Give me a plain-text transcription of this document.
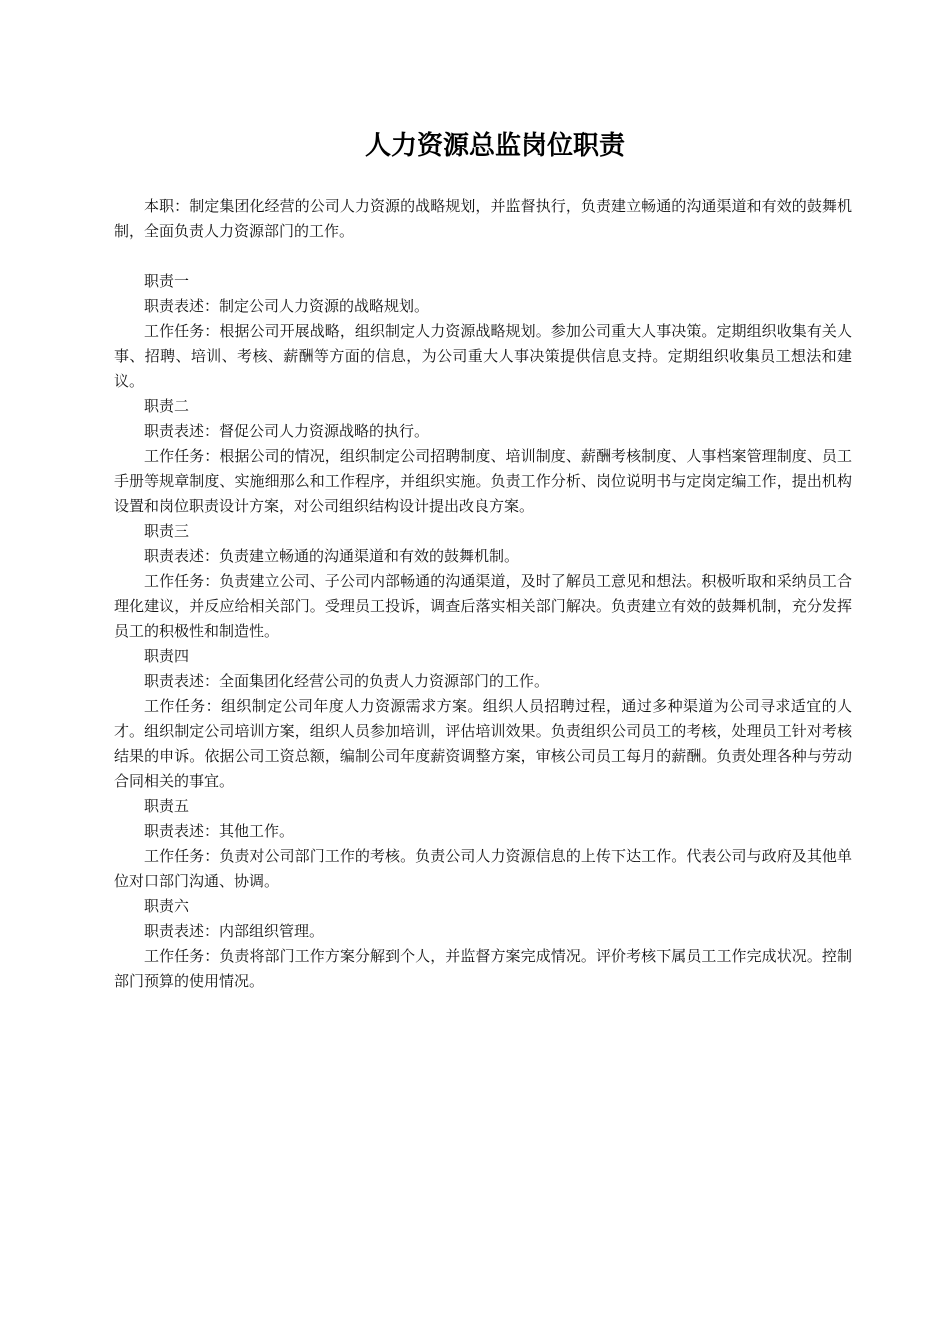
人力资源总监岗位职责

本职：制定集团化经营的公司人力资源的战略规划，并监督执行，负责建立畅通的沟通渠道和有效的鼓舞机制，全面负责人力资源部门的工作。

职责一

职责表述：制定公司人力资源的战略规划。

工作任务：根据公司开展战略，组织制定人力资源战略规划。参加公司重大人事决策。定期组织收集有关人事、招聘、培训、考核、薪酬等方面的信息，为公司重大人事决策提供信息支持。定期组织收集员工想法和建议。

职责二

职责表述：督促公司人力资源战略的执行。

工作任务：根据公司的情况，组织制定公司招聘制度、培训制度、薪酬考核制度、人事档案管理制度、员工手册等规章制度、实施细那么和工作程序，并组织实施。负责工作分析、岗位说明书与定岗定编工作，提出机构设置和岗位职责设计方案，对公司组织结构设计提出改良方案。

职责三

职责表述：负责建立畅通的沟通渠道和有效的鼓舞机制。

工作任务：负责建立公司、子公司内部畅通的沟通渠道，及时了解员工意见和想法。积极听取和采纳员工合理化建议，并反应给相关部门。受理员工投诉，调查后落实相关部门解决。负责建立有效的鼓舞机制，充分发挥员工的积极性和制造性。

职责四

职责表述：全面集团化经营公司的负责人力资源部门的工作。

工作任务：组织制定公司年度人力资源需求方案。组织人员招聘过程，通过多种渠道为公司寻求适宜的人才。组织制定公司培训方案，组织人员参加培训，评估培训效果。负责组织公司员工的考核，处理员工针对考核结果的申诉。依据公司工资总额，编制公司年度薪资调整方案，审核公司员工每月的薪酬。负责处理各种与劳动合同相关的事宜。

职责五

职责表述：其他工作。

工作任务：负责对公司部门工作的考核。负责公司人力资源信息的上传下达工作。代表公司与政府及其他单位对口部门沟通、协调。

职责六

职责表述：内部组织管理。

工作任务：负责将部门工作方案分解到个人，并监督方案完成情况。评价考核下属员工工作完成状况。控制部门预算的使用情况。
